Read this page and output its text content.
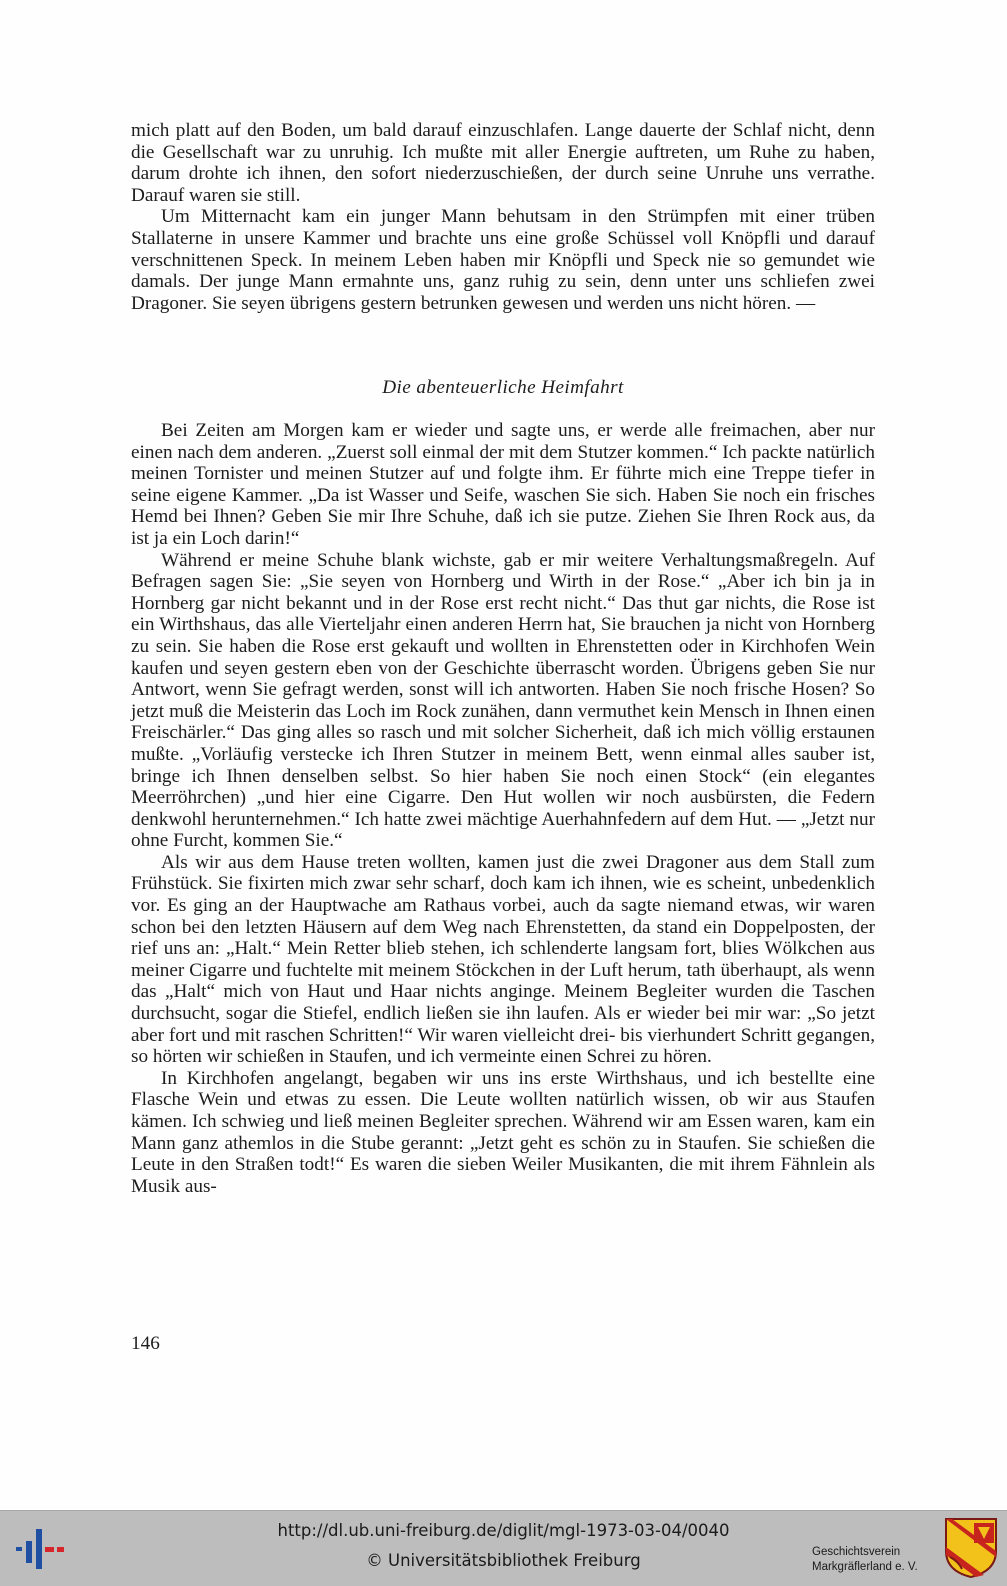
mich platt auf den Boden, um bald darauf einzuschlafen. Lange dauerte der Schlaf nicht, denn die Gesellschaft war zu unruhig. Ich mußte mit aller Energie auftreten, um Ruhe zu haben, darum drohte ich ihnen, den sofort niederzuschießen, der durch seine Unruhe uns verrathe. Darauf waren sie still.

Um Mitternacht kam ein junger Mann behutsam in den Strümpfen mit einer trüben Stallaterne in unsere Kammer und brachte uns eine große Schüssel voll Knöpfli und darauf verschnittenen Speck. In meinem Leben haben mir Knöpfli und Speck nie so gemundet wie damals. Der junge Mann ermahnte uns, ganz ruhig zu sein, denn unter uns schliefen zwei Dragoner. Sie seyen übrigens gestern betrunken gewesen und werden uns nicht hören. —

Die abenteuerliche Heimfahrt

Bei Zeiten am Morgen kam er wieder und sagte uns, er werde alle freimachen, aber nur einen nach dem anderen. „Zuerst soll einmal der mit dem Stutzer kommen.“ Ich packte natürlich meinen Tornister und meinen Stutzer auf und folgte ihm. Er führte mich eine Treppe tiefer in seine eigene Kammer. „Da ist Wasser und Seife, waschen Sie sich. Haben Sie noch ein frisches Hemd bei Ihnen? Geben Sie mir Ihre Schuhe, daß ich sie putze. Ziehen Sie Ihren Rock aus, da ist ja ein Loch darin!“

Während er meine Schuhe blank wichste, gab er mir weitere Verhaltungsmaßregeln. Auf Befragen sagen Sie: „Sie seyen von Hornberg und Wirth in der Rose.“ „Aber ich bin ja in Hornberg gar nicht bekannt und in der Rose erst recht nicht.“ Das thut gar nichts, die Rose ist ein Wirthshaus, das alle Vierteljahr einen anderen Herrn hat, Sie brauchen ja nicht von Hornberg zu sein. Sie haben die Rose erst gekauft und wollten in Ehrenstetten oder in Kirchhofen Wein kaufen und seyen gestern eben von der Geschichte überrascht worden. Übrigens geben Sie nur Antwort, wenn Sie gefragt werden, sonst will ich antworten. Haben Sie noch frische Hosen? So jetzt muß die Meisterin das Loch im Rock zunähen, dann vermuthet kein Mensch in Ihnen einen Freischärler.“ Das ging alles so rasch und mit solcher Sicherheit, daß ich mich völlig erstaunen mußte. „Vorläufig verstecke ich Ihren Stutzer in meinem Bett, wenn einmal alles sauber ist, bringe ich Ihnen denselben selbst. So hier haben Sie noch einen Stock“ (ein elegantes Meerröhrchen) „und hier eine Cigarre. Den Hut wollen wir noch ausbürsten, die Federn denkwohl herunternehmen.“ Ich hatte zwei mächtige Auerhahnfedern auf dem Hut. — „Jetzt nur ohne Furcht, kommen Sie.“

Als wir aus dem Hause treten wollten, kamen just die zwei Dragoner aus dem Stall zum Frühstück. Sie fixirten mich zwar sehr scharf, doch kam ich ihnen, wie es scheint, unbedenklich vor. Es ging an der Hauptwache am Rathaus vorbei, auch da sagte niemand etwas, wir waren schon bei den letzten Häusern auf dem Weg nach Ehrenstetten, da stand ein Doppelposten, der rief uns an: „Halt.“ Mein Retter blieb stehen, ich schlenderte langsam fort, blies Wölkchen aus meiner Cigarre und fuchtelte mit meinem Stöckchen in der Luft herum, tath überhaupt, als wenn das „Halt“ mich von Haut und Haar nichts anginge. Meinem Begleiter wurden die Taschen durchsucht, sogar die Stiefel, endlich ließen sie ihn laufen. Als er wieder bei mir war: „So jetzt aber fort und mit raschen Schritten!“ Wir waren vielleicht drei- bis vierhundert Schritt gegangen, so hörten wir schießen in Staufen, und ich vermeinte einen Schrei zu hören.

In Kirchhofen angelangt, begaben wir uns ins erste Wirthshaus, und ich bestellte eine Flasche Wein und etwas zu essen. Die Leute wollten natürlich wissen, ob wir aus Staufen kämen. Ich schwieg und ließ meinen Begleiter sprechen. Während wir am Essen waren, kam ein Mann ganz athemlos in die Stube gerannt: „Jetzt geht es schön zu in Staufen. Sie schießen die Leute in den Straßen todt!“ Es waren die sieben Weiler Musikanten, die mit ihrem Fähnlein als Musik aus-

146
http://dl.ub.uni-freiburg.de/diglit/mgl-1973-03-04/0040
© Universitätsbibliothek Freiburg	Geschichtsverein
Markgräflerland e. V.
